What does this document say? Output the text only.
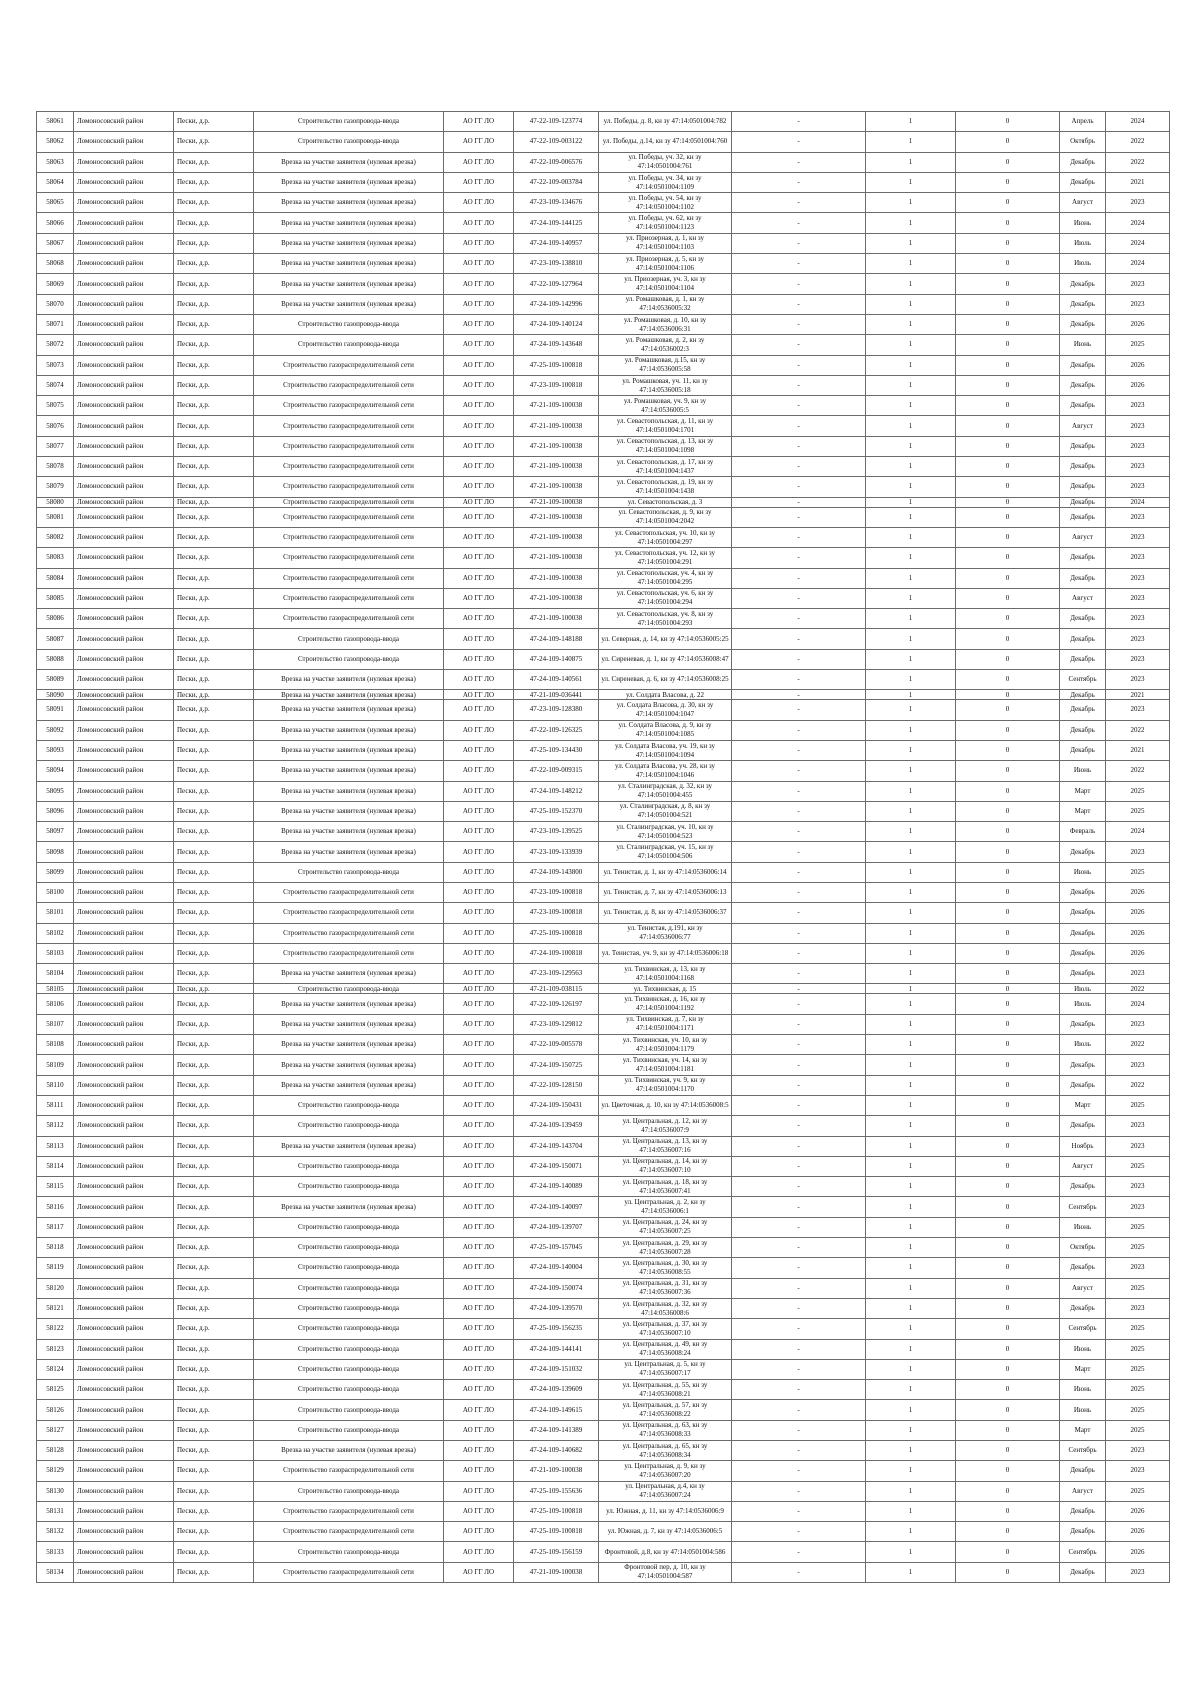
58061	Ломоносовский район	Пески, д.р.	Строительство газопровода-ввода	АО ГГ ЛО	47-22-109-123774	ул. Победы, д. 8, кн зу 47:14:0501004:782	-	1	0	Апрель	2024
58062	Ломоносовский район	Пески, д.р.	Строительство газопровода-ввода	АО ГГ ЛО	47-22-109-003122	ул. Победы, д.14, кн зу 47:14:0501004:760	-	1	0	Октябрь	2022
58063	Ломоносовский район	Пески, д.р.	Врезка на участке заявителя (нулевая врезка)	АО ГГ ЛО	47-22-109-006576	ул. Победы, уч. 32, кн зу 47:14:0501004:761	-	1	0	Декабрь	2022
58064	Ломоносовский район	Пески, д.р.	Врезка на участке заявителя (нулевая врезка)	АО ГГ ЛО	47-22-109-003784	ул. Победы, уч. 34, кн зу 47:14:0501004:1109	-	1	0	Декабрь	2021
58065	Ломоносовский район	Пески, д.р.	Врезка на участке заявителя (нулевая врезка)	АО ГГ ЛО	47-23-109-134676	ул. Победы, уч. 54, кн зу 47:14:0501004:1102	-	1	0	Август	2023
58066	Ломоносовский район	Пески, д.р.	Врезка на участке заявителя (нулевая врезка)	АО ГГ ЛО	47-24-109-144125	ул. Победы, уч. 62, кн зу 47:14:0501004:1123	-	1	0	Июнь	2024
58067	Ломоносовский район	Пески, д.р.	Врезка на участке заявителя (нулевая врезка)	АО ГГ ЛО	47-24-109-140957	ул. Приозерная, д. 1, кн зу 47:14:0501004:1103	-	1	0	Июль	2024
58068	Ломоносовский район	Пески, д.р.	Врезка на участке заявителя (нулевая врезка)	АО ГГ ЛО	47-23-109-138810	ул. Приозерная, д. 5, кн зу 47:14:0501004:1106	-	1	0	Июль	2024
58069	Ломоносовский район	Пески, д.р.	Врезка на участке заявителя (нулевая врезка)	АО ГГ ЛО	47-22-109-127964	ул. Приозерная, уч. 3, кн зу 47:14:0501004:1104	-	1	0	Декабрь	2023
58070	Ломоносовский район	Пески, д.р.	Врезка на участке заявителя (нулевая врезка)	АО ГГ ЛО	47-24-109-142996	ул. Ромашковая, д. 1, кн зу 47:14:0536005:32	-	1	0	Декабрь	2023
58071	Ломоносовский район	Пески, д.р.	Строительство газопровода-ввода	АО ГГ ЛО	47-24-109-140124	ул. Ромашковая, д. 10, кн зу 47:14:0536006:31	-	1	0	Декабрь	2026
58072	Ломоносовский район	Пески, д.р.	Строительство газопровода-ввода	АО ГГ ЛО	47-24-109-143648	ул. Ромашковая, д. 2, кн зу 47:14:0536002:3	-	1	0	Июнь	2025
58073	Ломоносовский район	Пески, д.р.	Строительство газораспределительной сети	АО ГГ ЛО	47-25-109-100818	ул. Ромашковая, д.15, кн зу 47:14:0536005:58	-	1	0	Декабрь	2026
58074	Ломоносовский район	Пески, д.р.	Строительство газораспределительной сети	АО ГГ ЛО	47-23-109-100818	ул. Ромашковая, уч. 11, кн зу 47:14:0536005:18	-	1	0	Декабрь	2026
58075	Ломоносовский район	Пески, д.р.	Строительство газораспределительной сети	АО ГГ ЛО	47-21-109-100038	ул. Ромашковая, уч. 9, кн зу 47:14:0536005:5	-	1	0	Декабрь	2023
58076	Ломоносовский район	Пески, д.р.	Строительство газораспределительной сети	АО ГГ ЛО	47-21-109-100038	ул. Севастопольская, д. 11, кн зу 47:14:0501004:1701	-	1	0	Август	2023
58077	Ломоносовский район	Пески, д.р.	Строительство газораспределительной сети	АО ГГ ЛО	47-21-109-100038	ул. Севастопольская, д. 13, кн зу 47:14:0501004:1098	-	1	0	Декабрь	2023
58078	Ломоносовский район	Пески, д.р.	Строительство газораспределительной сети	АО ГГ ЛО	47-21-109-100038	ул. Севастопольская, д. 17, кн зу 47:14:0501004:1437	-	1	0	Декабрь	2023
58079	Ломоносовский район	Пески, д.р.	Строительство газораспределительной сети	АО ГГ ЛО	47-21-109-100038	ул. Севастопольская, д. 19, кн зу 47:14:0501004:1438	-	1	0	Декабрь	2023
58080	Ломоносовский район	Пески, д.р.	Строительство газораспределительной сети	АО ГГ ЛО	47-21-109-100038	ул. Севастопольская, д. 3	-	1	0	Декабрь	2024
58081	Ломоносовский район	Пески, д.р.	Строительство газораспределительной сети	АО ГГ ЛО	47-21-109-100038	ул. Севастопольская, д. 9, кн зу 47:14:0501004:2042	-	1	0	Декабрь	2023
58082	Ломоносовский район	Пески, д.р.	Строительство газораспределительной сети	АО ГГ ЛО	47-21-109-100038	ул. Севастопольская, уч. 10, кн зу 47:14:0501004:297	-	1	0	Август	2023
58083	Ломоносовский район	Пески, д.р.	Строительство газораспределительной сети	АО ГГ ЛО	47-21-109-100038	ул. Севастопольская, уч. 12, кн зу 47:14:0501004:291	-	1	0	Декабрь	2023
58084	Ломоносовский район	Пески, д.р.	Строительство газораспределительной сети	АО ГГ ЛО	47-21-109-100038	ул. Севастопольская, уч. 4, кн зу 47:14:0501004:295	-	1	0	Декабрь	2023
58085	Ломоносовский район	Пески, д.р.	Строительство газораспределительной сети	АО ГГ ЛО	47-21-109-100038	ул. Севастопольская, уч. 6, кн зу 47:14:0501004:294	-	1	0	Август	2023
58086	Ломоносовский район	Пески, д.р.	Строительство газораспределительной сети	АО ГГ ЛО	47-21-109-100038	ул. Севастопольская, уч. 8, кн зу 47:14:0501004:293	-	1	0	Декабрь	2023
58087	Ломоносовский район	Пески, д.р.	Строительство газопровода-ввода	АО ГГ ЛО	47-24-109-148188	ул. Северная, д. 14, кн зу 47:14:0536005:25	-	1	0	Декабрь	2023
58088	Ломоносовский район	Пески, д.р.	Строительство газопровода-ввода	АО ГГ ЛО	47-24-109-140875	ул. Сиреневая, д. 1, кн зу 47:14:0536008:47	-	1	0	Декабрь	2023
58089	Ломоносовский район	Пески, д.р.	Врезка на участке заявителя (нулевая врезка)	АО ГГ ЛО	47-24-109-140561	ул. Сиреневая, д. 6, кн зу 47:14:0536008:25	-	1	0	Сентябрь	2023
58090	Ломоносовский район	Пески, д.р.	Врезка на участке заявителя (нулевая врезка)	АО ГГ ЛО	47-21-109-036441	ул. Солдата Власова, д. 22	-	1	0	Декабрь	2021
58091	Ломоносовский район	Пески, д.р.	Врезка на участке заявителя (нулевая врезка)	АО ГГ ЛО	47-23-109-128380	ул. Солдата Власова, д. 30, кн зу 47:14:0501004:1047	-	1	0	Декабрь	2023
58092	Ломоносовский район	Пески, д.р.	Врезка на участке заявителя (нулевая врезка)	АО ГГ ЛО	47-22-109-126325	ул. Солдата Власова, д. 9, кн зу 47:14:0501004:1085	-	1	0	Декабрь	2022
58093	Ломоносовский район	Пески, д.р.	Врезка на участке заявителя (нулевая врезка)	АО ГГ ЛО	47-25-109-134430	ул. Солдата Власова, уч. 19, кн зу 47:14:0501004:1094	-	1	0	Декабрь	2021
58094	Ломоносовский район	Пески, д.р.	Врезка на участке заявителя (нулевая врезка)	АО ГГ ЛО	47-22-109-009315	ул. Солдата Власова, уч. 28, кн зу 47:14:0501004:1046	-	1	0	Июнь	2022
58095	Ломоносовский район	Пески, д.р.	Врезка на участке заявителя (нулевая врезка)	АО ГГ ЛО	47-24-109-148212	ул. Сталинградская, д. 32, кн зу 47:14:0501004:455	-	1	0	Март	2025
58096	Ломоносовский район	Пески, д.р.	Врезка на участке заявителя (нулевая врезка)	АО ГГ ЛО	47-25-109-152370	ул. Сталинградская, д. 8, кн зу 47:14:0501004:521	-	1	0	Март	2025
58097	Ломоносовский район	Пески, д.р.	Врезка на участке заявителя (нулевая врезка)	АО ГГ ЛО	47-23-109-139525	ул. Сталинградская, уч. 10, кн зу 47:14:0501004:523	-	1	0	Февраль	2024
58098	Ломоносовский район	Пески, д.р.	Врезка на участке заявителя (нулевая врезка)	АО ГГ ЛО	47-23-109-133939	ул. Сталинградская, уч. 15, кн зу 47:14:0501004:506	-	1	0	Декабрь	2023
58099	Ломоносовский район	Пески, д.р.	Строительство газопровода-ввода	АО ГГ ЛО	47-24-109-143800	ул. Тенистая, д. 1, кн зу 47:14:0536006:14	-	1	0	Июнь	2025
58100	Ломоносовский район	Пески, д.р.	Строительство газораспределительной сети	АО ГГ ЛО	47-23-109-100818	ул. Тенистая, д. 7, кн зу 47:14:0536006:13	-	1	0	Декабрь	2026
58101	Ломоносовский район	Пески, д.р.	Строительство газораспределительной сети	АО ГГ ЛО	47-23-109-100818	ул. Тенистая, д. 8, кн зу 47:14:0536006:37	-	1	0	Декабрь	2026
58102	Ломоносовский район	Пески, д.р.	Строительство газораспределительной сети	АО ГГ ЛО	47-25-109-100818	ул. Тенистая, д.191, кн зу 47:14:0536006:77	-	1	0	Декабрь	2026
58103	Ломоносовский район	Пески, д.р.	Строительство газораспределительной сети	АО ГГ ЛО	47-24-109-100818	ул. Тенистая, уч. 9, кн зу 47:14:0536006:18	-	1	0	Декабрь	2026
58104	Ломоносовский район	Пески, д.р.	Врезка на участке заявителя (нулевая врезка)	АО ГГ ЛО	47-23-109-129563	ул. Тихвинская, д. 13, кн зу 47:14:0501004:1168	-	1	0	Декабрь	2023
58105	Ломоносовский район	Пески, д.р.	Строительство газопровода-ввода	АО ГГ ЛО	47-21-109-038115	ул. Тихвинская, д. 15	-	1	0	Июль	2022
58106	Ломоносовский район	Пески, д.р.	Врезка на участке заявителя (нулевая врезка)	АО ГГ ЛО	47-22-109-126197	ул. Тихвинская, д. 16, кн зу 47:14:0501004:1192	-	1	0	Июль	2024
58107	Ломоносовский район	Пески, д.р.	Врезка на участке заявителя (нулевая врезка)	АО ГГ ЛО	47-23-109-129812	ул. Тихвинская, д. 7, кн зу 47:14:0501004:1171	-	1	0	Декабрь	2023
58108	Ломоносовский район	Пески, д.р.	Врезка на участке заявителя (нулевая врезка)	АО ГГ ЛО	47-22-109-005578	ул. Тихвинская, уч. 10, кн зу 47:14:0501004:1179	-	1	0	Июль	2022
58109	Ломоносовский район	Пески, д.р.	Врезка на участке заявителя (нулевая врезка)	АО ГГ ЛО	47-24-109-150725	ул. Тихвинская, уч. 14, кн зу 47:14:0501004:1181	-	1	0	Декабрь	2023
58110	Ломоносовский район	Пески, д.р.	Врезка на участке заявителя (нулевая врезка)	АО ГГ ЛО	47-22-109-128150	ул. Тихвинская, уч. 9, кн зу 47:14:0501004:1170	-	1	0	Декабрь	2022
58111	Ломоносовский район	Пески, д.р.	Строительство газопровода-ввода	АО ГГ ЛО	47-24-109-150431	ул. Цветочная, д. 10, кн зу 47:14:0536008:5	-	1	0	Март	2025
58112	Ломоносовский район	Пески, д.р.	Строительство газопровода-ввода	АО ГГ ЛО	47-24-109-139459	ул. Центральная, д. 12, кн зу 47:14:0536007:9	-	1	0	Декабрь	2023
58113	Ломоносовский район	Пески, д.р.	Врезка на участке заявителя (нулевая врезка)	АО ГГ ЛО	47-24-109-143704	ул. Центральная, д. 13, кн зу 47:14:0536007:16	-	1	0	Ноябрь	2023
58114	Ломоносовский район	Пески, д.р.	Строительство газопровода-ввода	АО ГГ ЛО	47-24-109-150071	ул. Центральная, д. 14, кн зу 47:14:0536007:10	-	1	0	Август	2025
58115	Ломоносовский район	Пески, д.р.	Строительство газопровода-ввода	АО ГГ ЛО	47-24-109-140089	ул. Центральная, д. 18, кн зу 47:14:0536007:41	-	1	0	Декабрь	2023
58116	Ломоносовский район	Пески, д.р.	Врезка на участке заявителя (нулевая врезка)	АО ГГ ЛО	47-24-109-140097	ул. Центральная, д. 2, кн зу 47:14:0536006:1	-	1	0	Сентябрь	2023
58117	Ломоносовский район	Пески, д.р.	Строительство газопровода-ввода	АО ГГ ЛО	47-24-109-139707	ул. Центральная, д. 24, кн зу 47:14:0536007:25	-	1	0	Июнь	2025
58118	Ломоносовский район	Пески, д.р.	Строительство газопровода-ввода	АО ГГ ЛО	47-25-109-157045	ул. Центральная, д. 29, кн зу 47:14:0536007:28	-	1	0	Октябрь	2025
58119	Ломоносовский район	Пески, д.р.	Строительство газопровода-ввода	АО ГГ ЛО	47-24-109-140004	ул. Центральная, д. 30, кн зу 47:14:0536008:55	-	1	0	Декабрь	2023
58120	Ломоносовский район	Пески, д.р.	Строительство газопровода-ввода	АО ГГ ЛО	47-24-109-150074	ул. Центральная, д. 31, кн зу 47:14:0536007:36	-	1	0	Август	2025
58121	Ломоносовский район	Пески, д.р.	Строительство газопровода-ввода	АО ГГ ЛО	47-24-109-139570	ул. Центральная, д. 32, кн зу 47:14:0536008:6	-	1	0	Декабрь	2023
58122	Ломоносовский район	Пески, д.р.	Строительство газопровода-ввода	АО ГГ ЛО	47-25-109-156235	ул. Центральная, д. 37, кн зу 47:14:0536007:10	-	1	0	Сентябрь	2025
58123	Ломоносовский район	Пески, д.р.	Строительство газопровода-ввода	АО ГГ ЛО	47-24-109-144141	ул. Центральная, д. 49, кн зу 47:14:0536008:24	-	1	0	Июнь	2025
58124	Ломоносовский район	Пески, д.р.	Строительство газопровода-ввода	АО ГГ ЛО	47-24-109-151032	ул. Центральная, д. 5, кн зу 47:14:0536007:17	-	1	0	Март	2025
58125	Ломоносовский район	Пески, д.р.	Строительство газопровода-ввода	АО ГГ ЛО	47-24-109-139609	ул. Центральная, д. 55, кн зу 47:14:0536008:21	-	1	0	Июнь	2025
58126	Ломоносовский район	Пески, д.р.	Строительство газопровода-ввода	АО ГГ ЛО	47-24-109-149615	ул. Центральная, д. 57, кн зу 47:14:0536008:22	-	1	0	Июнь	2025
58127	Ломоносовский район	Пески, д.р.	Строительство газопровода-ввода	АО ГГ ЛО	47-24-109-141389	ул. Центральная, д. 63, кн зу 47:14:0536008:33	-	1	0	Март	2025
58128	Ломоносовский район	Пески, д.р.	Врезка на участке заявителя (нулевая врезка)	АО ГГ ЛО	47-24-109-140682	ул. Центральная, д. 65, кн зу 47:14:0536008:34	-	1	0	Сентябрь	2023
58129	Ломоносовский район	Пески, д.р.	Строительство газораспределительной сети	АО ГГ ЛО	47-21-109-100038	ул. Центральная, д. 9, кн зу 47:14:0536007:20	-	1	0	Декабрь	2023
58130	Ломоносовский район	Пески, д.р.	Строительство газопровода-ввода	АО ГГ ЛО	47-25-109-155636	ул. Центральная, д.4, кн зу 47:14:0536007:24	-	1	0	Август	2025
58131	Ломоносовский район	Пески, д.р.	Строительство газораспределительной сети	АО ГГ ЛО	47-25-109-100818	ул. Южная, д. 11, кн зу 47:14:0536006:9	-	1	0	Декабрь	2026
58132	Ломоносовский район	Пески, д.р.	Строительство газораспределительной сети	АО ГГ ЛО	47-25-109-100818	ул. Южная, д. 7, кн зу 47:14:0536006:5	-	1	0	Декабрь	2026
58133	Ломоносовский район	Пески, д.р.	Строительство газопровода-ввода	АО ГГ ЛО	47-25-109-156159	Фронтовой, д.8, кн зу 47:14:0501004:586	-	1	0	Сентябрь	2026
58134	Ломоносовский район	Пески, д.р.	Строительство газораспределительной сети	АО ГГ ЛО	47-21-109-100038	Фронтовой пер, д. 10, кн зу 47:14:0501004:587	-	1	0	Декабрь	2023
